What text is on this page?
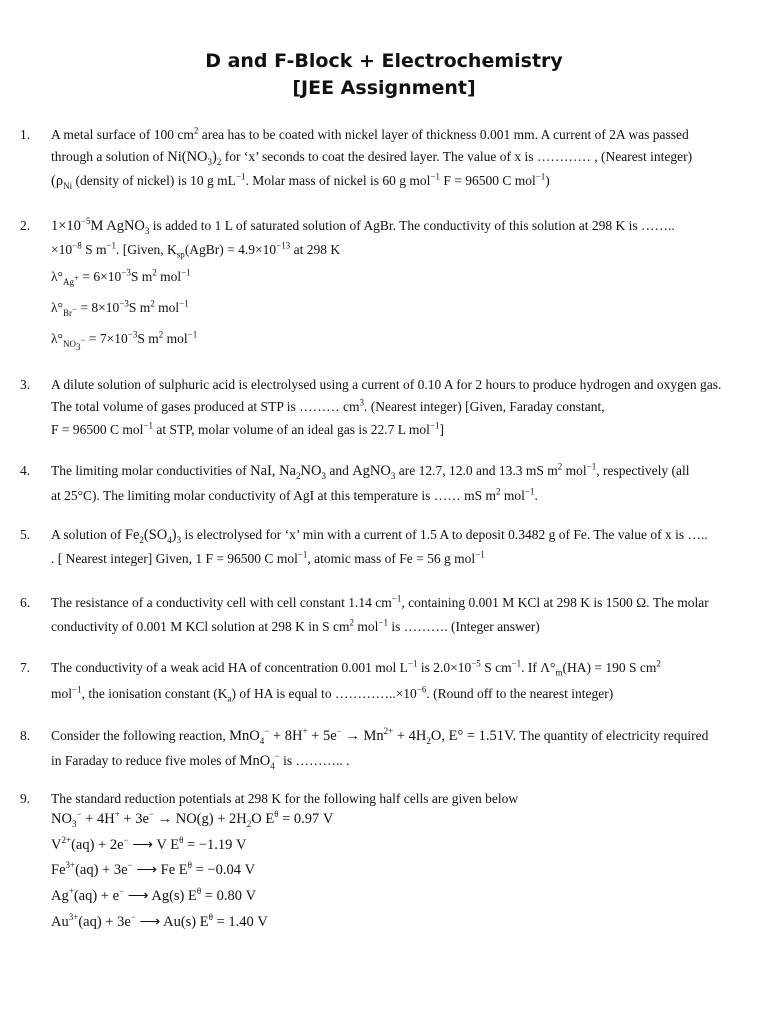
D and F-Block + Electrochemistry
[JEE Assignment]
1. A metal surface of 100 $cm^2$ area has to be coated with nickel layer of thickness 0.001 mm. A current of 2A was passed
through a solution of $Ni(NO_3)_2$ for ‘x’ seconds to coat the desired layer. The value of x is ………… , (Nearest integer)
($\rho_{Ni}$ (density of nickel) is 10 g $mL^{-1}$. Molar mass of nickel is 60 g mol$^{-1}$ F = 96500 C mol$^{-1}$)
2. $1\times 10^{-5}M$ AgNO$_3$ is added to 1 L of saturated solution of AgBr. The conductivity of this solution at 298 K is ……..
$\times 10^{-8}$ S $m^{-1}$. [Given, $K_{sp}(AgBr) = 4.9\times 10^{-13}$ at 298 K
$\lambda^\circ_{Ag^+} = 6\times 10^{-3}S$ $m^2$ mol$^{-1}$
$\lambda^\circ_{Br^-} = 8\times 10^{-3}S$ $m^2$ mol$^{-1}$
$\lambda^\circ_{NO_3^-} = 7\times 10^{-3}S$ $m^2$ mol$^{-1}$
3. A dilute solution of sulphuric acid is electrolysed using a current of 0.10 A for 2 hours to produce hydrogen and oxygen gas.
The total volume of gases produced at STP is ……… $cm^3$. (Nearest integer) [Given, Faraday constant,
F = 96500 C mol$^{-1}$ at STP, molar volume of an ideal gas is 22.7 L mol$^{-1}$]
4. The limiting molar conductivities of NaI, $Na_2NO_3$ and AgNO$_3$ are 12.7, 12.0 and 13.3 mS $m^2$ mol$^{-1}$, respectively (all
at 25°C). The limiting molar conductivity of AgI at this temperature is …… mS $m^2$ mol$^{-1}$.
5. A solution of $Fe_2(SO_4)_3$ is electrolysed for ‘x’ min with a current of 1.5 A to deposit 0.3482 g of Fe. The value of x is …..
. [ Nearest integer] Given, 1 F = 96500 C mol$^{-1}$, atomic mass of Fe = 56 g mol$^{-1}$
6. The resistance of a conductivity cell with cell constant 1.14 $cm^{-1}$, containing 0.001 M KCl at 298 K is 1500 Ω. The molar
conductivity of 0.001 M KCl solution at 298 K in S $cm^2$ mol$^{-1}$ is ………. (Integer answer)
7. The conductivity of a weak acid HA of concentration 0.001 mol $L^{-1}$ is $2.0\times 10^{-5}$ S $cm^{-1}$. If $\Lambda^\circ_m(HA) = 190$ S $cm^2$
mol$^{-1}$, the ionisation constant $(K_a)$ of HA is equal to $\dots\dots\dots\dots..\times 10^{-6}$. (Round off to the nearest integer)
8. Consider the following reaction, $MnO_4^- + 8H^+ + 5e^- \to Mn^{2+} + 4H_2O$, E° = 1.51V. The quantity of electricity required
in Faraday to reduce five moles of MnO$_4$− is ……….. .
9. The standard reduction potentials at 298 K for the following half cells are given below
$NO_3^- + 4H^+ + 3e^- \to NO(g) + 2H_2O$ $E^\theta = 0.97$ V
$V^{2+}(aq) + 2e^-$ ⟶ V $E^\theta = -1.19$ V
$Fe^{3+}(aq) + 3e^-$ ⟶ Fe $E^\theta = -0.04$ V
Ag+(aq) + e− ⟶ Ag(s) $E^\theta = 0.80$ V
$Au^{3+}(aq) + 3e^-$ ⟶ Au(s) $E^\theta = 1.40$ V
